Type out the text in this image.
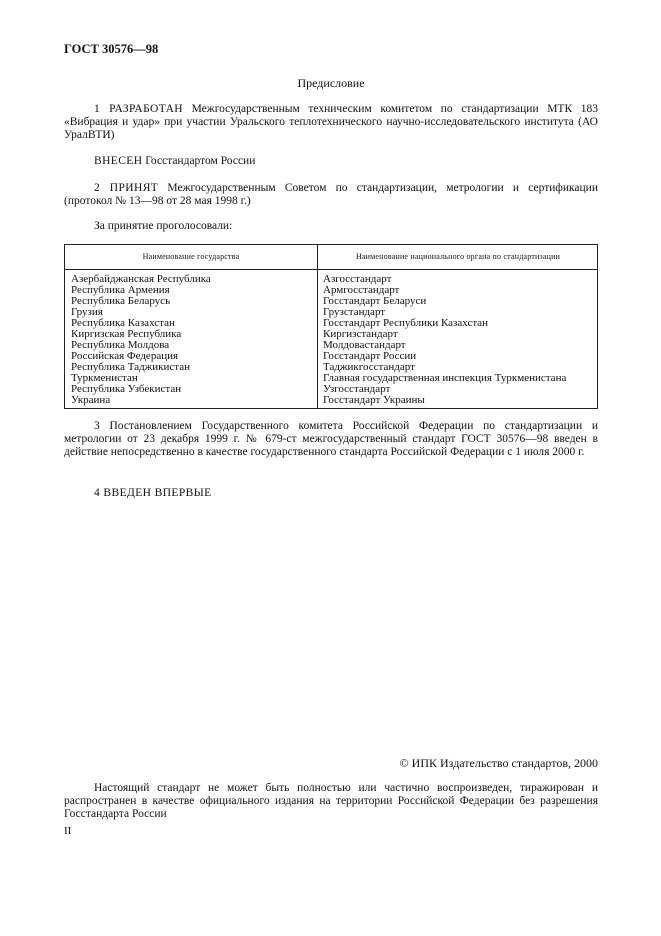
ГОСТ 30576—98
Предисловие

1 РАЗРАБОТАН Межгосударственным техническим комитетом по стандартизации МТК 183 «Вибрация и удар» при участии Уральского теплотехнического научно-исследовательского института (АО УралВТИ)

ВНЕСЕН Госстандартом России

2 ПРИНЯТ Межгосударственным Советом по стандартизации, метрологии и сертификации (протокол № 13—98 от 28 мая 1998 г.)

За принятие проголосовали:

Наименование государства	Наименование национального органа по стандартизации
Азербайджанская Республика	Азгосстандарт
Республика Армения	Армгосстандарт
Республика Беларусь	Госстандарт Беларуси
Грузия	Грузстандарт
Республика Казахстан	Госстандарт Республики Казахстан
Киргизская Республика	Киргизстандарт
Республика Молдова	Молдовастандарт
Российская Федерация	Госстандарт России
Республика Таджикистан	Таджикгосстандарт
Туркменистан	Главная государственная инспекция Туркменистана
Республика Узбекистан	Узгосстандарт
Украина	Госстандарт Украины

3 Постановлением Государственного комитета Российской Федерации по стандартизации и метрологии от 23 декабря 1999 г. № 679-ст межгосударственный стандарт ГОСТ 30576—98 введен в действие непосредственно в качестве государственного стандарта Российской Федерации с 1 июля 2000 г.

4 ВВЕДЕН ВПЕРВЫЕ

© ИПК Издательство стандартов, 2000

Настоящий стандарт не может быть полностью или частично воспроизведен, тиражирован и распространен в качестве официального издания на территории Российской Федерации без разрешения Госстандарта России

II
